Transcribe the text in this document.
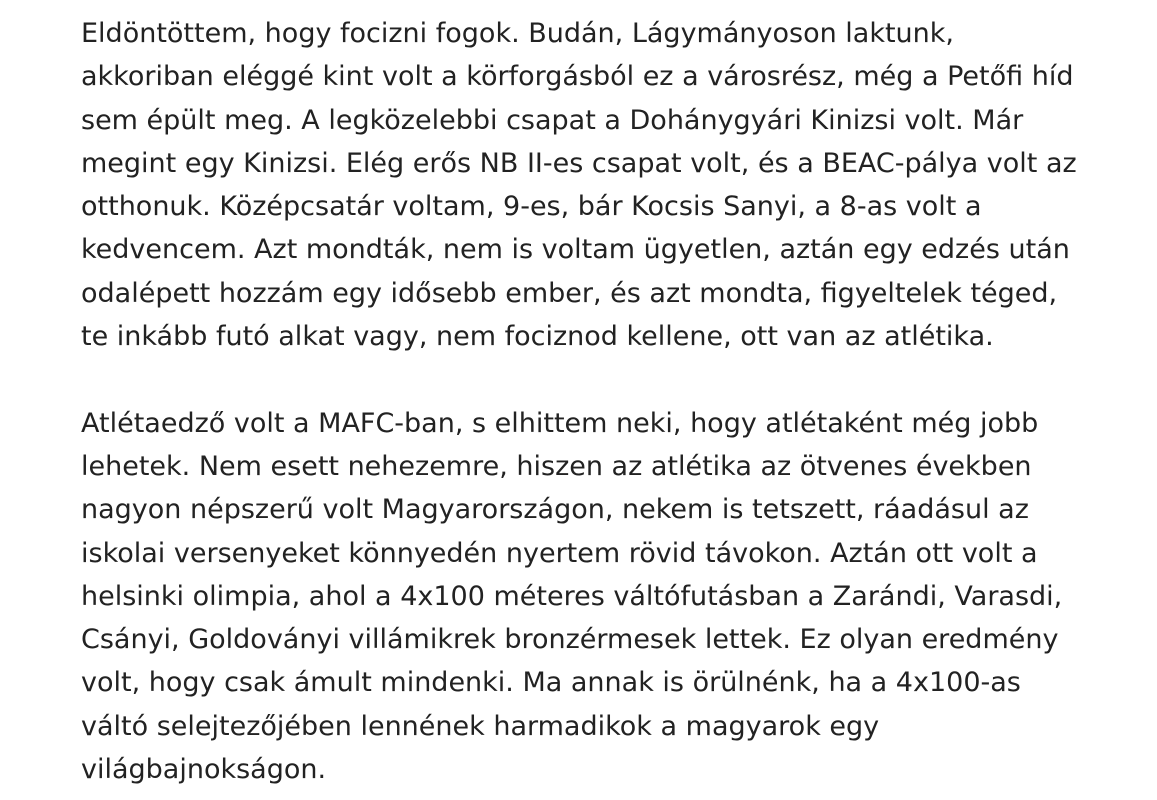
Eldöntöttem, hogy focizni fogok. Budán, Lágymányoson laktunk,
akkoriban eléggé kint volt a körforgásból ez a városrész, még a Petőfi híd
sem épült meg. A legközelebbi csapat a Dohánygyári Kinizsi volt. Már
megint egy Kinizsi. Elég erős NB II-es csapat volt, és a BEAC-pálya volt az
otthonuk. Középcsatár voltam, 9-es, bár Kocsis Sanyi, a 8-as volt a
kedvencem. Azt mondták, nem is voltam ügyetlen, aztán egy edzés után
odalépett hozzám egy idősebb ember, és azt mondta, figyeltelek téged,
te inkább futó alkat vagy, nem fociznod kellene, ott van az atlétika.

Atlétaedző volt a MAFC-ban, s elhittem neki, hogy atlétaként még jobb
lehetek. Nem esett nehezemre, hiszen az atlétika az ötvenes években
nagyon népszerű volt Magyarországon, nekem is tetszett, ráadásul az
iskolai versenyeket könnyedén nyertem rövid távokon. Aztán ott volt a
helsinki olimpia, ahol a 4x100 méteres váltófutásban a Zarándi, Varasdi,
Csányi, Goldoványi villámikrek bronzérmesek lettek. Ez olyan eredmény
volt, hogy csak ámult mindenki. Ma annak is örülnénk, ha a 4x100-as
váltó selejtezőjében lennének harmadikok a magyarok egy
világbajnokságon.
